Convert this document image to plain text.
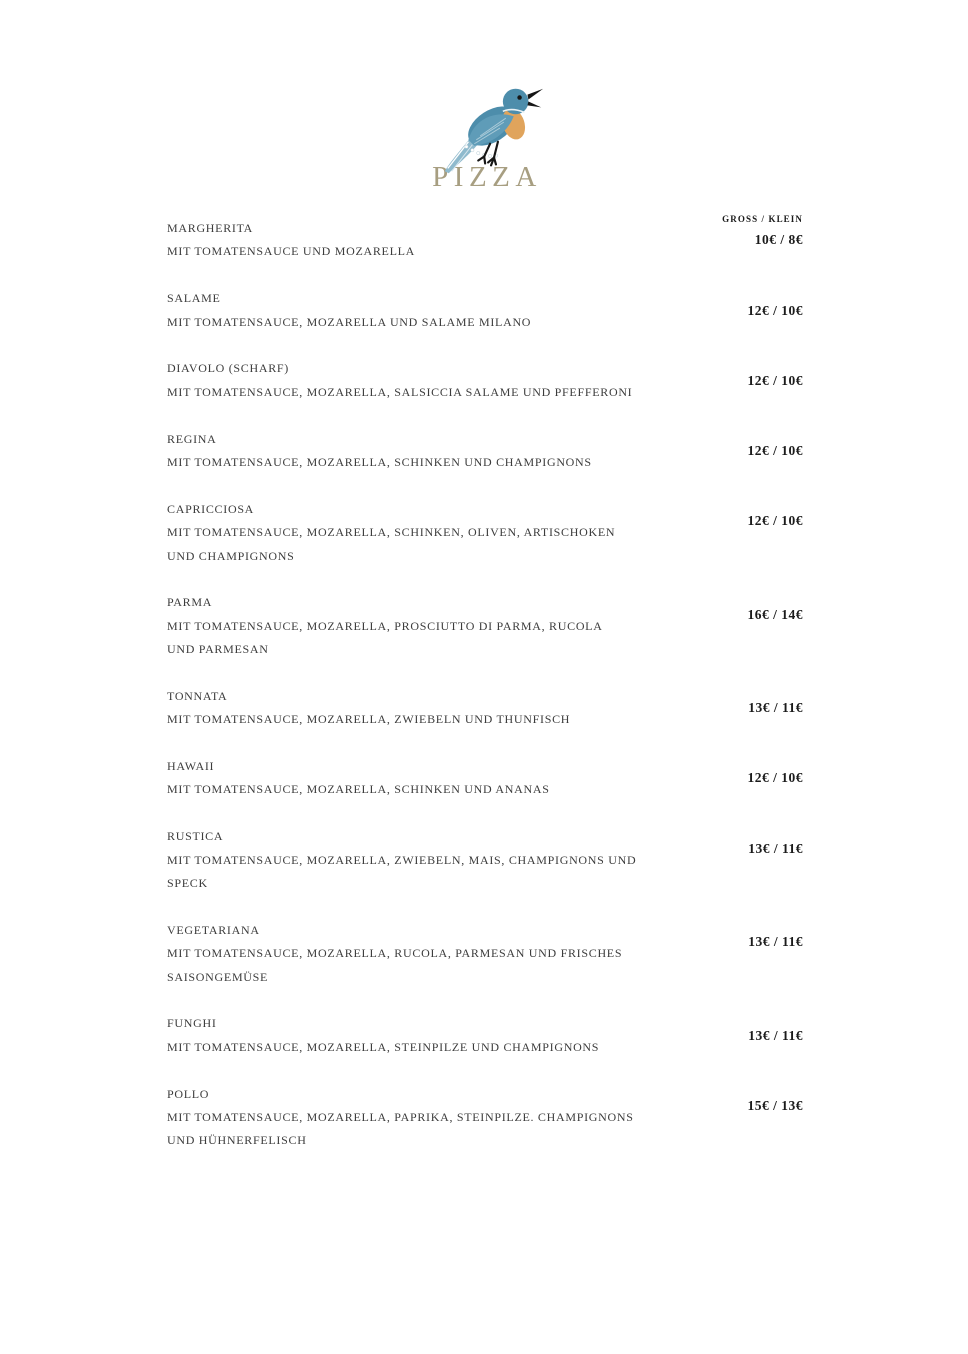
PIZZA
GROSS / KLEIN
MARGHERITA
MIT TOMATENSAUCE UND MOZARELLA
10€ / 8€
SALAME
MIT TOMATENSAUCE, MOZARELLA UND SALAME MILANO
12€ / 10€
DIAVOLO (SCHARF)
MIT TOMATENSAUCE, MOZARELLA, SALSICCIA SALAME UND PFEFFERONI
12€ / 10€
REGINA
MIT TOMATENSAUCE, MOZARELLA, SCHINKEN UND CHAMPIGNONS
12€ / 10€
CAPRICCIOSA
MIT TOMATENSAUCE, MOZARELLA, SCHINKEN, OLIVEN, ARTISCHOKEN
UND CHAMPIGNONS
12€ / 10€
PARMA
MIT TOMATENSAUCE, MOZARELLA, PROSCIUTTO DI PARMA, RUCOLA
UND PARMESAN
16€ / 14€
TONNATA
MIT TOMATENSAUCE, MOZARELLA, ZWIEBELN UND THUNFISCH
13€ / 11€
HAWAII
MIT TOMATENSAUCE, MOZARELLA, SCHINKEN UND ANANAS
12€ / 10€
RUSTICA
MIT TOMATENSAUCE, MOZARELLA, ZWIEBELN, MAIS, CHAMPIGNONS UND
SPECK
13€ / 11€
VEGETARIANA
MIT TOMATENSAUCE, MOZARELLA, RUCOLA, PARMESAN UND FRISCHES
SAISONGEMÜSE
13€ / 11€
FUNGHI
MIT TOMATENSAUCE, MOZARELLA, STEINPILZE UND CHAMPIGNONS
13€ / 11€
POLLO
MIT TOMATENSAUCE, MOZARELLA, PAPRIKA, STEINPILZE. CHAMPIGNONS
UND HÜHNERFELISCH
15€ / 13€
